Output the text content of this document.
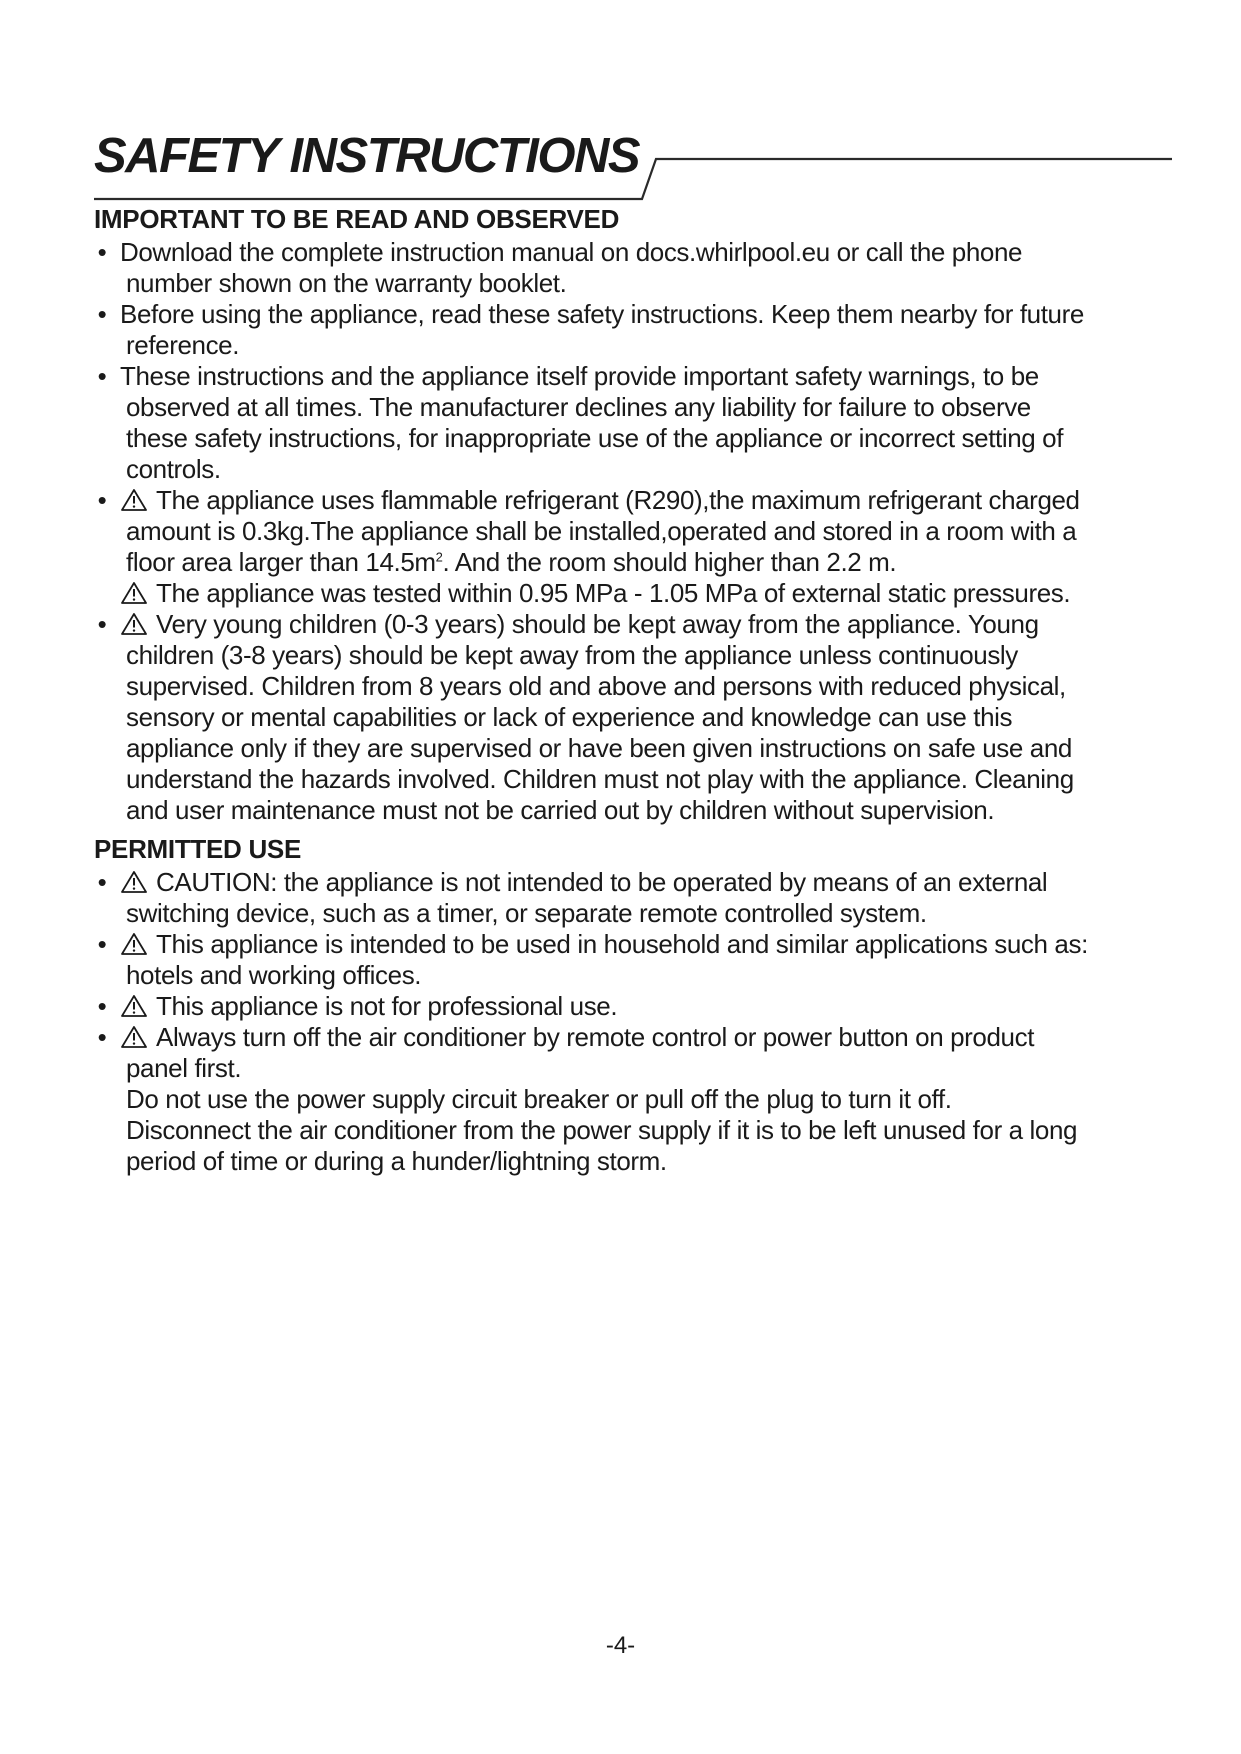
SAFETY INSTRUCTIONS
IMPORTANT TO BE READ AND OBSERVED
• Download the complete instruction manual on docs.whirlpool.eu or call the phone
number shown on the warranty booklet.
• Before using the appliance, read these safety instructions. Keep them nearby for future
reference.
• These instructions and the appliance itself provide important safety warnings, to be
observed at all times. The manufacturer declines any liability for failure to observe
these safety instructions, for inappropriate use of the appliance or incorrect setting of
controls.
•	The appliance uses flammable refrigerant (R290),the maximum refrigerant charged
amount is 0.3kg.The appliance shall be installed,operated and stored in a room with a
floor area larger than $14.5m^2$. And the room should higher than 2.2 m.
The appliance was tested within 0.95 MPa - 1.05 MPa of external static pressures.
•	Very young children (0-3 years) should be kept away from the appliance. Young
children (3-8 years) should be kept away from the appliance unless continuously
supervised. Children from 8 years old and above and persons with reduced physical,
sensory or mental capabilities or lack of experience and knowledge can use this
appliance only if they are supervised or have been given instructions on safe use and
understand the hazards involved. Children must not play with the appliance. Cleaning
and user maintenance must not be carried out by children without supervision.
PERMITTED USE
•	CAUTION: the appliance is not intended to be operated by means of an external
switching device, such as a timer, or separate remote controlled system.
•	This appliance is intended to be used in household and similar applications such as:
hotels and working offices.
•	This appliance is not for professional use.
•	Always turn off the air conditioner by remote control or power button on product
panel first.
Do not use the power supply circuit breaker or pull off the plug to turn it off.
Disconnect the air conditioner from the power supply if it is to be left unused for a long
period of time or during a hunder/lightning storm.
-4-
